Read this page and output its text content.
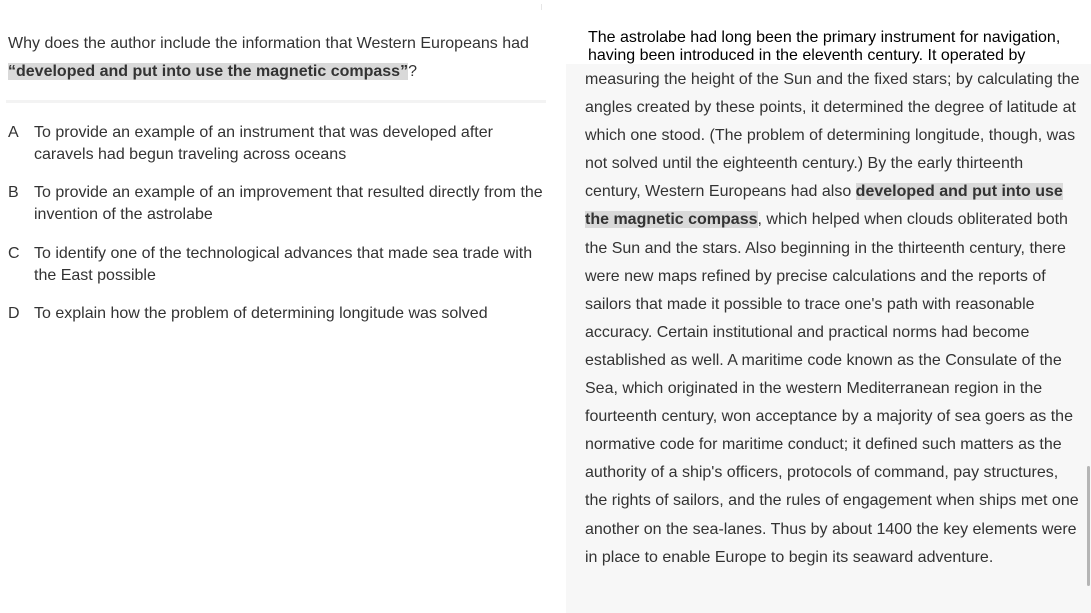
Why does the author include the information that Western Europeans had “developed and put into use the magnetic compass”?
A To provide an example of an instrument that was developed after caravels had begun traveling across oceans
B To provide an example of an improvement that resulted directly from the invention of the astrolabe
C To identify one of the technological advances that made sea trade with the East possible
D To explain how the problem of determining longitude was solved
The astrolabe had long been the primary instrument for navigation, having been introduced in the eleventh century. It operated by
measuring the height of the Sun and the fixed stars; by calculating the angles created by these points, it determined the degree of latitude at which one stood. (The problem of determining longitude, though, was not solved until the eighteenth century.) By the early thirteenth century, Western Europeans had also developed and put into use the magnetic compass, which helped when clouds obliterated both the Sun and the stars. Also beginning in the thirteenth century, there were new maps refined by precise calculations and the reports of sailors that made it possible to trace one's path with reasonable accuracy. Certain institutional and practical norms had become established as well. A maritime code known as the Consulate of the Sea, which originated in the western Mediterranean region in the fourteenth century, won acceptance by a majority of sea goers as the normative code for maritime conduct; it defined such matters as the authority of a ship's officers, protocols of command, pay structures, the rights of sailors, and the rules of engagement when ships met one another on the sea-lanes. Thus by about 1400 the key elements were in place to enable Europe to begin its seaward adventure.
